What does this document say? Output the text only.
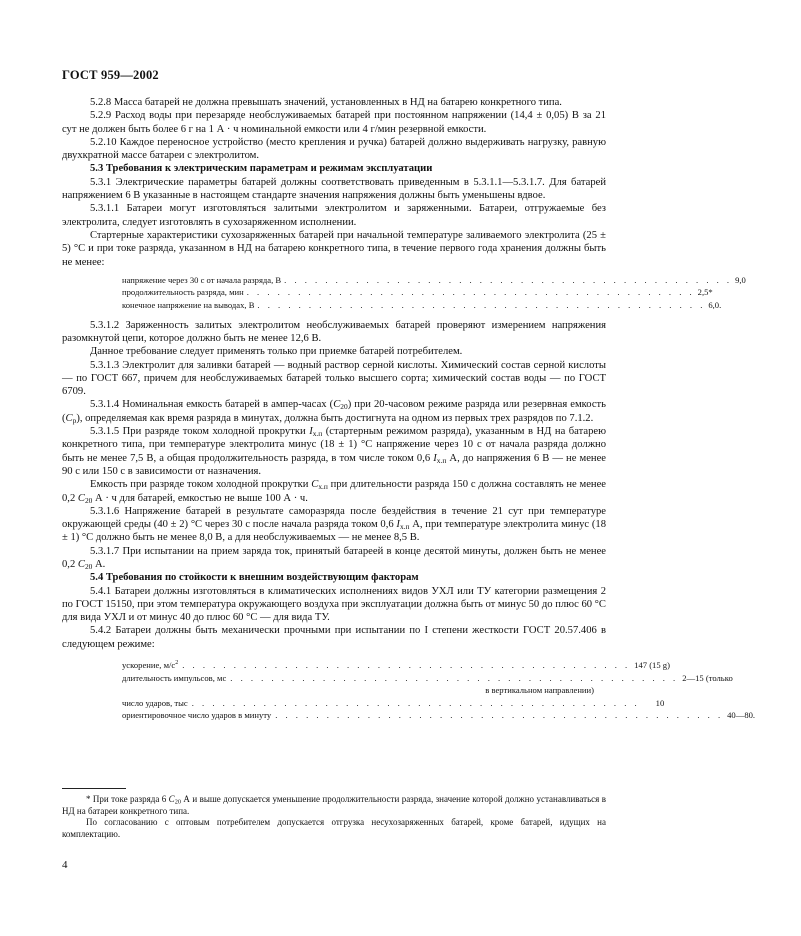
ГОСТ 959—2002

5.2.8 Масса батарей не должна превышать значений, установленных в НД на батарею конкретного типа.

5.2.9 Расход воды при перезаряде необслуживаемых батарей при постоянном напряжении (14,4 ± 0,05) В за 21 сут не должен быть более 6 г на 1 А · ч номинальной емкости или 4 г/мин резервной емкости.

5.2.10 Каждое переносное устройство (место крепления и ручка) батарей должно выдерживать нагрузку, равную двухкратной массе батареи с электролитом.

5.3 Требования к электрическим параметрам и режимам эксплуатации

5.3.1 Электрические параметры батарей должны соответствовать приведенным в 5.3.1.1—5.3.1.7. Для батарей напряжением 6 В указанные в настоящем стандарте значения напряжения должны быть уменьшены вдвое.

5.3.1.1 Батареи могут изготовляться залитыми электролитом и заряженными. Батареи, отгружаемые без электролита, следует изготовлять в сухозаряженном исполнении.

Стартерные характеристики сухозаряженных батарей при начальной температуре заливаемого электролита (25 ± 5) °С и при токе разряда, указанном в НД на батарею конкретного типа, в течение первого года хранения должны быть не менее:

напряжение через 30 с от начала разряда, В . . . . . . . . . . . . . . . . . . . . . . . . . . . . . . . . . . . . . . . . . . . . 9,0
продолжительность разряда, мин . . . . . . . . . . . . . . . . . . . . . . . . . . . . . . . . . . . . . . . . . . . . 2,5*
конечное напряжение на выводах, В . . . . . . . . . . . . . . . . . . . . . . . . . . . . . . . . . . . . . . . . . . . . 6,0.

5.3.1.2 Заряженность залитых электролитом необслуживаемых батарей проверяют измерением напряжения разомкнутой цепи, которое должно быть не менее 12,6 В.

Данное требование следует применять только при приемке батарей потребителем.

5.3.1.3 Электролит для заливки батарей — водный раствор серной кислоты. Химический состав серной кислоты — по ГОСТ 667, причем для необслуживаемых батарей только высшего сорта; химический состав воды — по ГОСТ 6709.

5.3.1.4 Номинальная емкость батарей в ампер-часах $(C_{20})$ при 20-часовом режиме разряда или резервная емкость $(C_р)$, определяемая как время разряда в минутах, должна быть достигнута на одном из первых трех разрядов по 7.1.2.

5.3.1.5 При разряде током холодной прокрутки $I_{х.п}$ (стартерным режимом разряда), указанным в НД на батарею конкретного типа, при температуре электролита минус (18 ± 1) °С напряжение через 10 с от начала разряда должно быть не менее 7,5 В, а общая продолжительность разряда, в том числе током 0,6 $I_{х.п}$ А, до напряжения 6 В — не менее 90 с или 150 с в зависимости от назначения.

Емкость при разряде током холодной прокрутки $C_{х.п}$ при длительности разряда 150 с должна составлять не менее 0,2 $C_{20}$ А · ч для батарей, емкостью не выше 100 А · ч.

5.3.1.6 Напряжение батарей в результате саморазряда после бездействия в течение 21 сут при температуре окружающей среды (40 ± 2) °С через 30 с после начала разряда током 0,6 $I_{х.п}$ А, при температуре электролита минус (18 ± 1) °С должно быть не менее 8,0 В, а для необслуживаемых — не менее 8,5 В.

5.3.1.7 При испытании на прием заряда ток, принятый батареей в конце десятой минуты, должен быть не менее 0,2 $C_{20}$ А.

5.4 Требования по стойкости к внешним воздействующим факторам

5.4.1 Батареи должны изготовляться в климатических исполнениях видов УХЛ или ТУ категории размещения 2 по ГОСТ 15150, при этом температура окружающего воздуха при эксплуатации должна быть от минус 50 до плюс 60 °С для вида УХЛ и от минус 40 до плюс 60 °С — для вида ТУ.

5.4.2 Батареи должны быть механически прочными при испытании по I степени жесткости ГОСТ 20.57.406 в следующем режиме:

ускорение, $м/с^2$ . . . . . . . . . . . . . . . . . . . . . . . . . . . . . . . . . . . . . . . . . . . . 147 (15 g)
длительность импульсов, мс . . . . . . . . . . . . . . . . . . . . . . . . . . . . . . . . . . . . . . . . . . . . 2—15 (только
в вертикальном направлении)
число ударов, тыс . . . . . . . . . . . . . . . . . . . . . . . . . . . . . . . . . . . . . . . . . . . .	10
ориентировочное число ударов в минуту . . . . . . . . . . . . . . . . . . . . . . . . . . . . . . . . . . . . . . . . . . . . 40—80.

* При токе разряда 6 $C_{20}$ А и выше допускается уменьшение продолжительности разряда, значение которой должно устанавливаться в НД на батареи конкретного типа.

По согласованию с оптовым потребителем допускается отгрузка несухозаряженных батарей, кроме батарей, идущих на комплектацию.

4
